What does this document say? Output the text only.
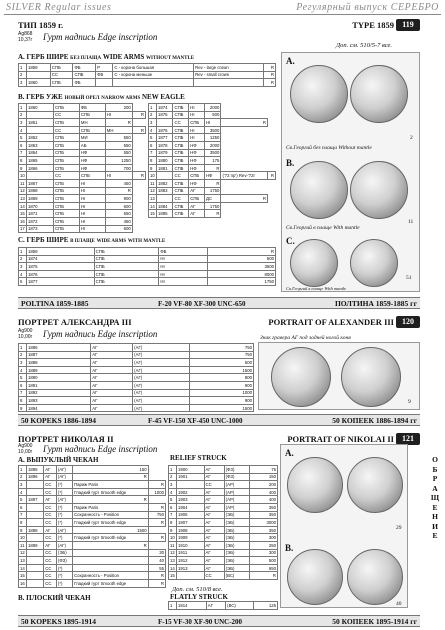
SILVER Regular issues	Регулярный выпуск СЕРЕБРО
ТИП 1859 г.	TYPE 1859	119
Ag868
10,37г Гурт надпись Edge inscription
Доп. см. 510/5-7 все.
А. ГЕРБ ШИРЕ БЕЗ ПЛАЩА WIDE ARMS WITHOUT MANTLE
1	1859	СПБ	ФБ	Р	С - корона большая	Rev - large crown	R
2		СС	СПБ	ФБ	С - корона меньше	Rev - small crown	R
3	1860	СПБ	ФБ				R
В. ГЕРБ УЖЕ НОВЫЙ ОРЕЛ NARROW ARMS NEW EAGLE
1	1860	СПБ	ФБ	200	
2		СС	СПБ	НI	R
3	1861	СПБ	МН	R	
4		СС	СПБ	МН	R
5	1862	СПБ	МИ	550	
6	1863	СПБ	АБ	550	
7	1864	СПБ	НФ	550	
8	1865	СПБ	НФ	1250	
9	1866	СПБ	НФ	700	
10		СС	СПБ	НI	R
11	1867	СПБ	НI	450	
12	1868	СПБ	НI	R	
13	1869	СПБ	НI	900	
14	1870	СПБ	НI	600	
15	1871	СПБ	НI	550	
16	1872	СПБ	НI	450	
17	1873	СПБ	НI	600	
1	1874	СПБ	НI	2000		
2	1875	СПБ	НI	500		
3		СС	СПБ	НI	R	
4	1876	СПБ	НI	3500		
5	1877	СПБ	НI	1250		
6	1878	СПБ	НФ	2000		
7	1879	СПБ	НФ	3500		
8	1880	СПБ	НФ	175		
9	1881	СПБ	НФ	R		
10		СС	СПБ	НФ	('72 пр') Rev-'72r	R
11	1882	СПБ	НФ	R		
12	1883	СПБ	АГ	1750		
13		СС	СПБ	ДС	R	
14	1884	СПБ	АГ	1750		
15	1885	СПБ	АГ	R		
С. ГЕРБ ШИРЕ В ПЛАЩЕ WIDE ARMS WITH MANTLE
1	1859	СПБ	ФБ	R
2	1874	СПБ	НI	600
3	1875	СПБ	НI	3500
4	1876	СПБ	НI	8000
5	1877	СПБ	НI	1750
A.
Св.Георгий без плаща Without mantle
2
B.
Св.Георгий в плаще With mantle
11
C.
Св.Георгий в плаще With mantle
51
POLTINA 1859-1885	F-20 VF-80 XF-300 UNC-650	ПОЛТИНА 1859-1885 гг
ПОРТРЕТ АЛЕКСАНДРА III	PORTRAIT OF ALEXANDER III	120
Ag900
10,00г Гурт надпись Edge inscription
1	1886	АГ	(АГ)	750
2	1887	АГ	(АГ)	750
3	1888	АГ	(АГ)	500
4	1889	АГ	(АГ)	1500
5	1890	АГ	(АГ)	800
6	1891	АГ	(АГ)	900
7	1892	АГ	(АГ)	1000
8	1893	АГ	(АГ)	900
9	1894	АГ	(АГ)	1500
Знак гравера АГ под задней ногой коня
9
50 KOPEKS 1886-1894	F-45 VF-150 XF-450 UNC-1000	50 КОПЕЕК 1886-1894 гг
ПОРТРЕТ НИКОЛАЯ II	PORTRAIT OF NIKOLAI II	121
Ag900
10,00г Гурт надпись Edge inscription
А. ВЫПУКЛЫЙ ЧЕКАН	RELIEF STRUCK
1	1895	АГ	(АГ)	150	
2	1896	АГ	(АГ)	R	
3		СС	(*)	Париж Paris	R
4		СС	(*)	Гладкий гурт Smooth edge	1000
5	1897	АГ	(АГ)	R	
6		СС	(*)	Париж Paris	R
7		СС	(*)	Сохранность - Position	750
8		СС	(*)	Гладкий гурт Smooth edge	R
9	1898	АГ	(АГ)	1500	
10		СС	(*)	Гладкий гурт Smooth edge	R
11	1899	АГ	(АГ)	R	
12		СС	(ЭБ)		30
13		СС	(ФЗ)		40
14		СС	(*)		55
15		СС	(*)	Сохранность - Position	R
16		СС	(*)	Гладкий гурт Smooth edge	R
1	1900	АГ	(ФЗ)	75
2	1901	АГ	(ФЗ)	150
3		СС	(АР)	200
4	1902	АГ	(АР)	400
5	1903	АГ	(АР)	400
6	1904	АГ	(АР)	350
7	1906	АГ	(ЭБ)	350
8	1907	АГ	(ЭБ)	3000
9	1908	АГ	(ЭБ)	350
10	1909	АГ	(ЭБ)	300
11	1910	АГ	(ЭБ)	250
12	1911	АГ	(ЭБ)	300
13	1912	АГ	(ЭБ)	500
14	1913	АГ	(ЭБ)	650
15		СС	(ВС)	R
Доп. см. 510/8 все.
В. ПЛОСКИЙ ЧЕКАН	FLATLY STRUCK
1	1914	АГ	(ВС)	125
A.
29
B.
40
50 KOPEKS 1895-1914	F-15 VF-30 XF-90 UNC-200	50 КОПЕЕК 1895-1914 гг
О
Б
Р
А
Щ
Е
Н
И
Е
